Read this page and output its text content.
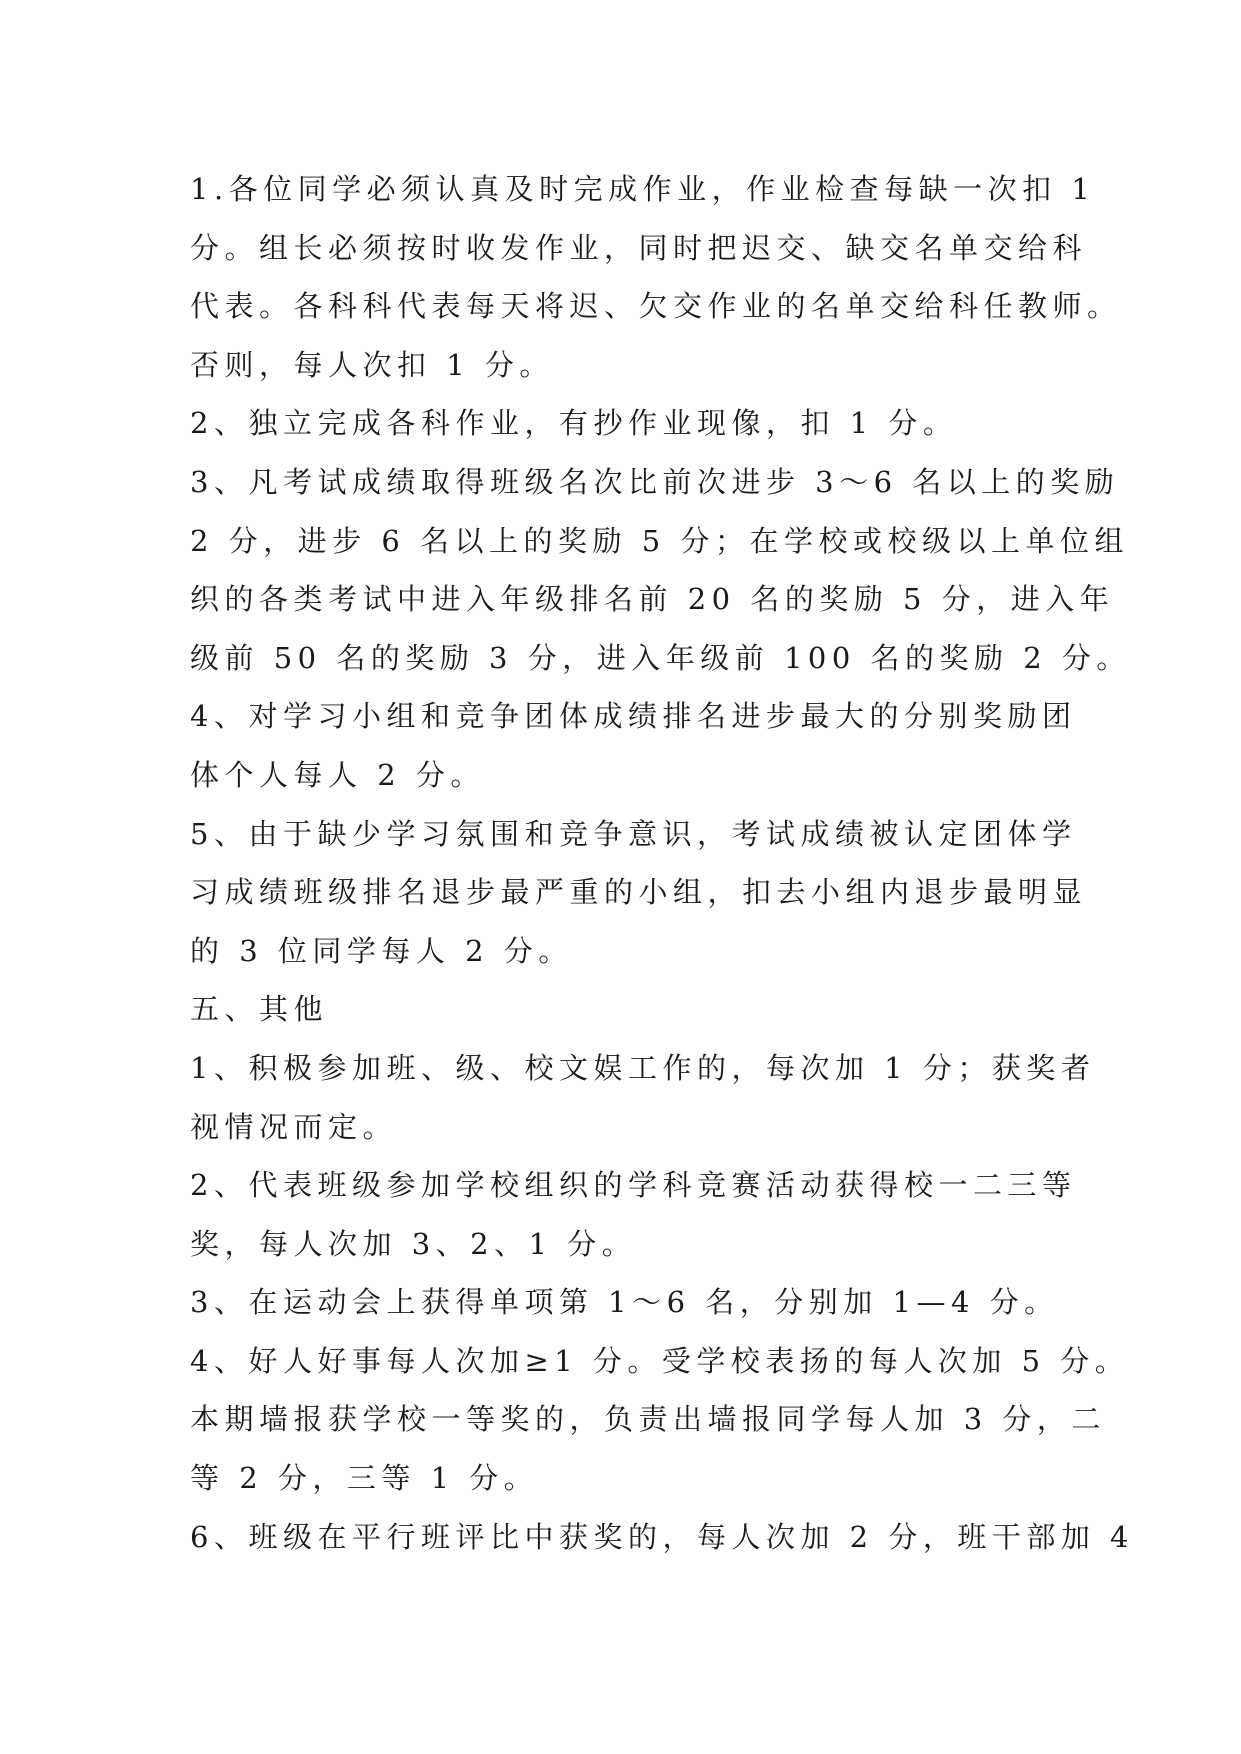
1.各位同学必须认真及时完成作业，作业检查每缺一次扣 1
分。组长必须按时收发作业，同时把迟交、缺交名单交给科
代表。各科科代表每天将迟、欠交作业的名单交给科任教师。
否则，每人次扣 1 分。
2、独立完成各科作业，有抄作业现像，扣 1 分。
3、凡考试成绩取得班级名次比前次进步 3～6 名以上的奖励
2 分，进步 6 名以上的奖励 5 分；在学校或校级以上单位组
织的各类考试中进入年级排名前 20 名的奖励 5 分，进入年
级前 50 名的奖励 3 分，进入年级前 100 名的奖励 2 分。
4、对学习小组和竞争团体成绩排名进步最大的分别奖励团
体个人每人 2 分。
5、由于缺少学习氛围和竞争意识，考试成绩被认定团体学
习成绩班级排名退步最严重的小组，扣去小组内退步最明显
的 3 位同学每人 2 分。
五、其他
1、积极参加班、级、校文娱工作的，每次加 1 分；获奖者
视情况而定。
2、代表班级参加学校组织的学科竞赛活动获得校一二三等
奖，每人次加 3、2、1 分。
3、在运动会上获得单项第 1～6 名，分别加 1—4 分。
4、好人好事每人次加≥1 分。受学校表扬的每人次加 5 分。
本期墙报获学校一等奖的，负责出墙报同学每人加 3 分，二
等 2 分，三等 1 分。
6、班级在平行班评比中获奖的，每人次加 2 分，班干部加 4
